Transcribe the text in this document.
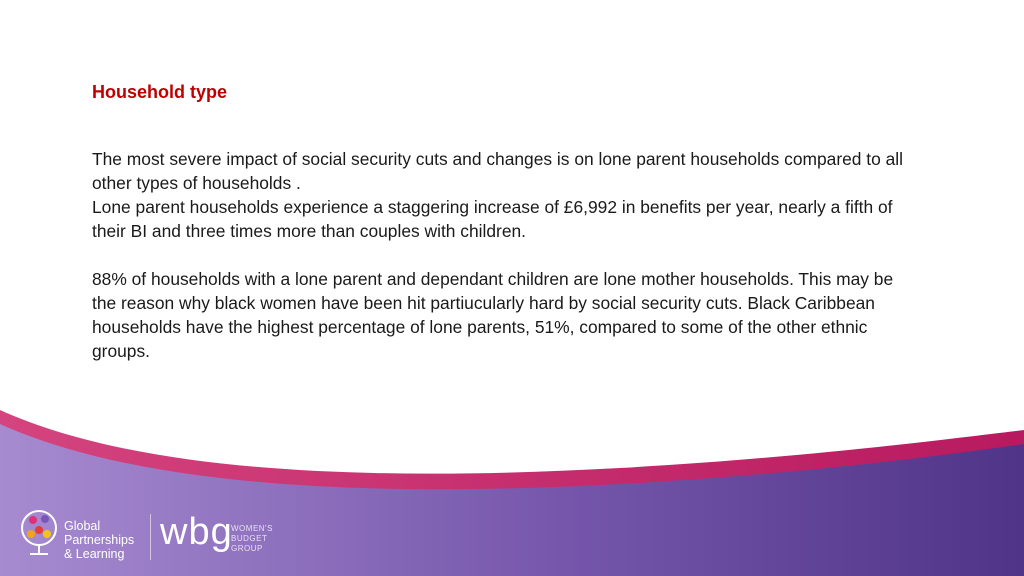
Household type

The most severe impact of social security cuts and changes is on lone parent households compared to all other types of households .

Lone parent households experience a staggering increase of £6,992 in benefits per year, nearly a fifth of their BI and three times more than couples with children.

88% of households with a lone parent and dependant children are lone mother households. This may be the reason why black women have been hit partiucularly hard by social security cuts. Black Caribbean households have the highest percentage of lone parents, 51%, compared to some of the other ethnic groups.

Global
Partnerships
& Learning
wbg
WOMEN'S
BUDGET
GROUP
